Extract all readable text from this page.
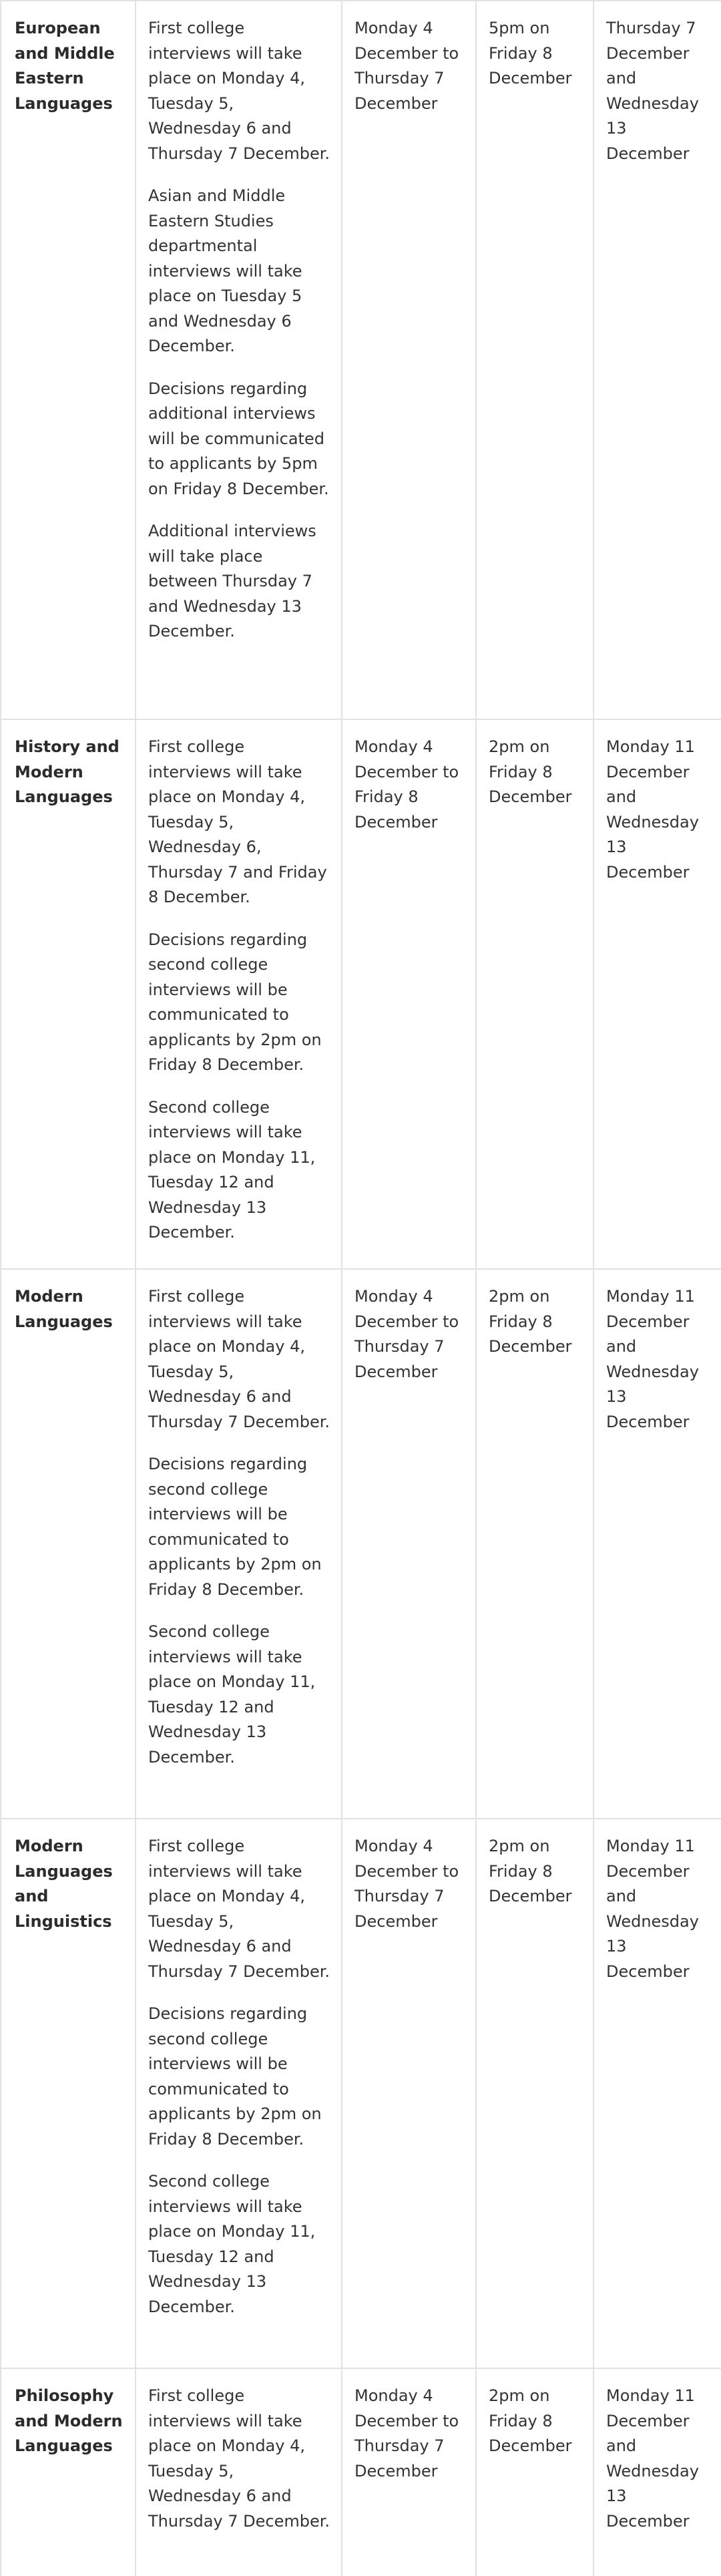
European and Middle Eastern Languages

First college interviews will take place on Monday 4, Tuesday 5, Wednesday 6 and Thursday 7 December.

Asian and Middle Eastern Studies departmental interviews will take place on Tuesday 5 and Wednesday 6 December.

Decisions regarding additional interviews will be communicated to applicants by 5pm on Friday 8 December.

Additional interviews will take place between Thursday 7 and Wednesday 13 December.

Monday 4 December to Thursday 7 December
5pm on Friday 8 December
Thursday 7 December and Wednesday 13 December
History and Modern Languages

First college interviews will take place on Monday 4, Tuesday 5, Wednesday 6, Thursday 7 and Friday 8 December.

Decisions regarding second college interviews will be communicated to applicants by 2pm on Friday 8 December.

Second college interviews will take place on Monday 11, Tuesday 12 and Wednesday 13 December.

Monday 4 December to Friday 8 December
2pm on Friday 8 December
Monday 11 December and Wednesday 13 December
Modern Languages

First college interviews will take place on Monday 4, Tuesday 5, Wednesday 6 and Thursday 7 December.

Decisions regarding second college interviews will be communicated to applicants by 2pm on Friday 8 December.

Second college interviews will take place on Monday 11, Tuesday 12 and Wednesday 13 December.

Monday 4 December to Thursday 7 December
2pm on Friday 8 December
Monday 11 December and Wednesday 13 December
Modern Languages and Linguistics

First college interviews will take place on Monday 4, Tuesday 5, Wednesday 6 and Thursday 7 December.

Decisions regarding second college interviews will be communicated to applicants by 2pm on Friday 8 December.

Second college interviews will take place on Monday 11, Tuesday 12 and Wednesday 13 December.

Monday 4 December to Thursday 7 December
2pm on Friday 8 December
Monday 11 December and Wednesday 13 December
Philosophy and Modern Languages

First college interviews will take place on Monday 4, Tuesday 5, Wednesday 6 and Thursday 7 December.

Monday 4 December to Thursday 7 December
2pm on Friday 8 December
Monday 11 December and Wednesday 13 December
